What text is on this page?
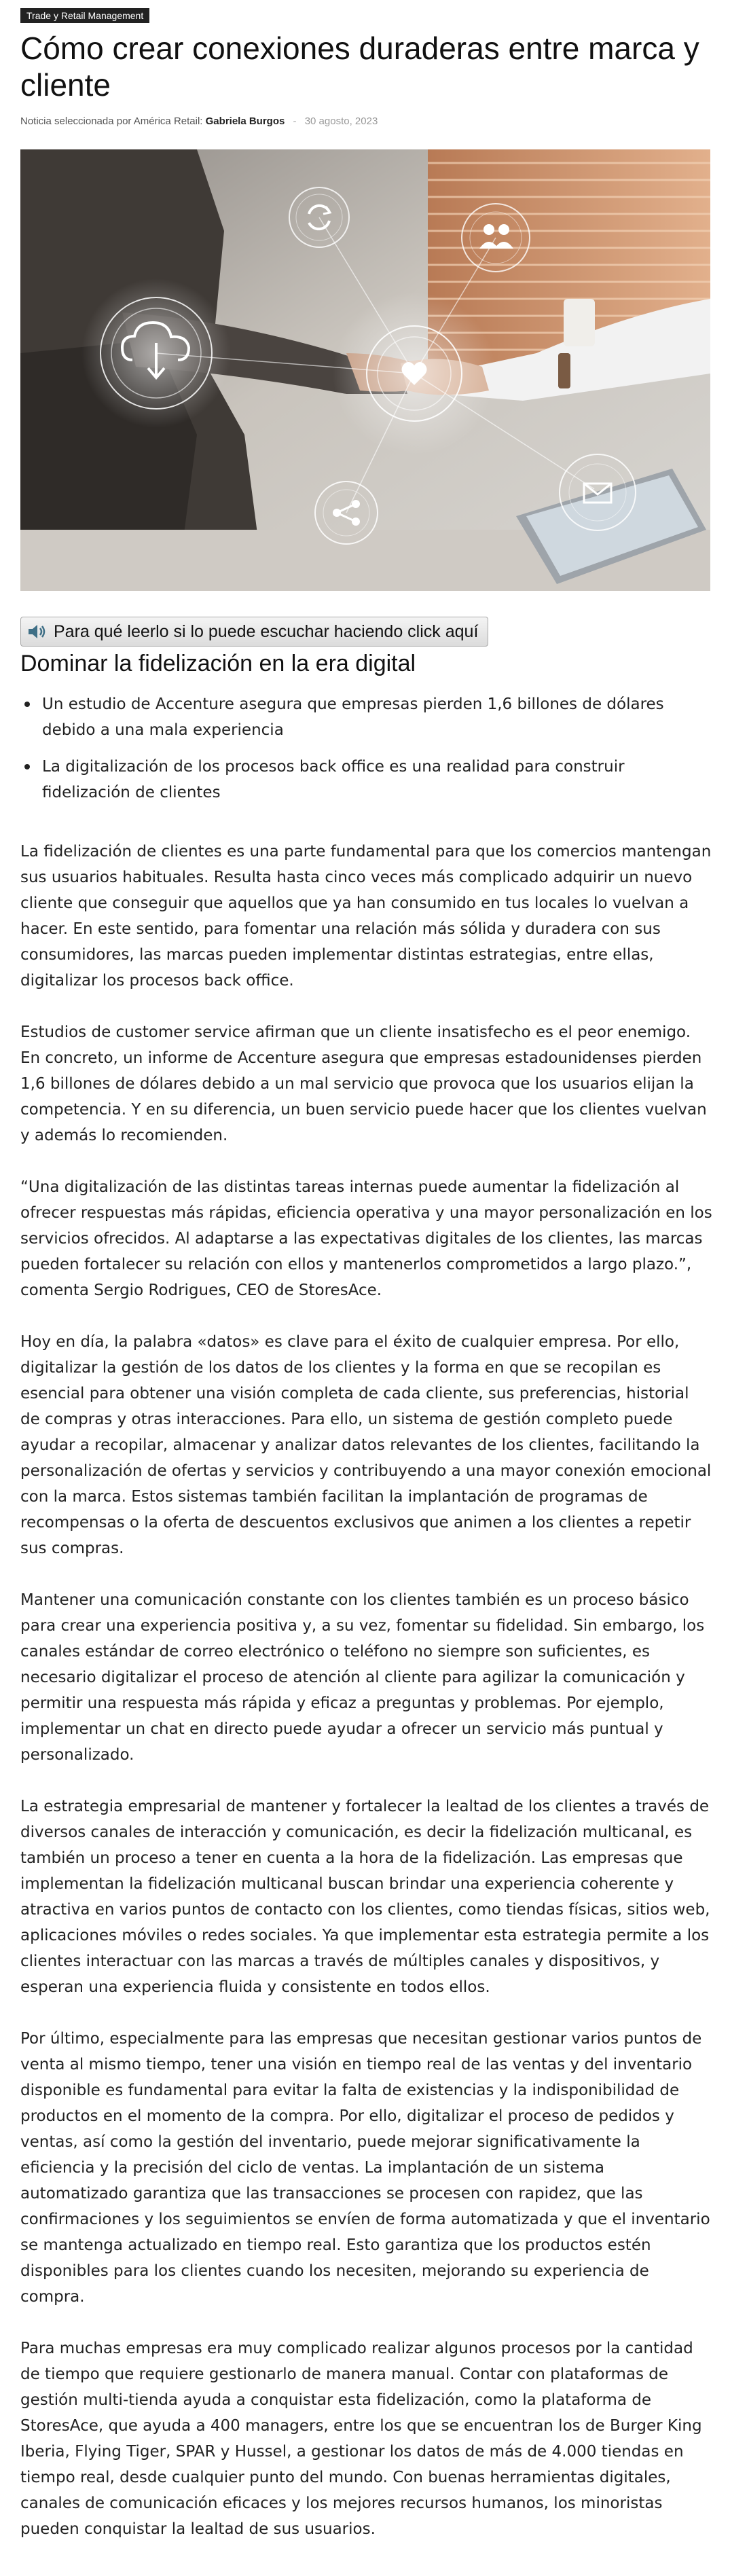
Trade y Retail Management
Cómo crear conexiones duraderas entre marca y cliente
Noticia seleccionada por América Retail: Gabriela Burgos - 30 agosto, 2023
Para qué leerlo si lo puede escuchar haciendo click aquí
Dominar la fidelización en la era digital
Un estudio de Accenture asegura que empresas pierden 1,6 billones de dólares debido a una mala experiencia
La digitalización de los procesos back office es una realidad para construir fidelización de clientes

La fidelización de clientes es una parte fundamental para que los comercios mantengan sus usuarios habituales. Resulta hasta cinco veces más complicado adquirir un nuevo cliente que conseguir que aquellos que ya han consumido en tus locales lo vuelvan a hacer. En este sentido, para fomentar una relación más sólida y duradera con sus consumidores, las marcas pueden implementar distintas estrategias, entre ellas, digitalizar los procesos back office.

Estudios de customer service afirman que un cliente insatisfecho es el peor enemigo. En concreto, un informe de Accenture asegura que empresas estadounidenses pierden 1,6 billones de dólares debido a un mal servicio que provoca que los usuarios elijan la competencia. Y en su diferencia, un buen servicio puede hacer que los clientes vuelvan y además lo recomienden.

“Una digitalización de las distintas tareas internas puede aumentar la fidelización al ofrecer respuestas más rápidas, eficiencia operativa y una mayor personalización en los servicios ofrecidos. Al adaptarse a las expectativas digitales de los clientes, las marcas pueden fortalecer su relación con ellos y mantenerlos comprometidos a largo plazo.”, comenta Sergio Rodrigues, CEO de StoresAce.

Hoy en día, la palabra «datos» es clave para el éxito de cualquier empresa. Por ello, digitalizar la gestión de los datos de los clientes y la forma en que se recopilan es esencial para obtener una visión completa de cada cliente, sus preferencias, historial de compras y otras interacciones. Para ello, un sistema de gestión completo puede ayudar a recopilar, almacenar y analizar datos relevantes de los clientes, facilitando la personalización de ofertas y servicios y contribuyendo a una mayor conexión emocional con la marca. Estos sistemas también facilitan la implantación de programas de recompensas o la oferta de descuentos exclusivos que animen a los clientes a repetir sus compras.

Mantener una comunicación constante con los clientes también es un proceso básico para crear una experiencia positiva y, a su vez, fomentar su fidelidad. Sin embargo, los canales estándar de correo electrónico o teléfono no siempre son suficientes, es necesario digitalizar el proceso de atención al cliente para agilizar la comunicación y permitir una respuesta más rápida y eficaz a preguntas y problemas. Por ejemplo, implementar un chat en directo puede ayudar a ofrecer un servicio más puntual y personalizado.

La estrategia empresarial de mantener y fortalecer la lealtad de los clientes a través de diversos canales de interacción y comunicación, es decir la fidelización multicanal, es también un proceso a tener en cuenta a la hora de la fidelización. Las empresas que implementan la fidelización multicanal buscan brindar una experiencia coherente y atractiva en varios puntos de contacto con los clientes, como tiendas físicas, sitios web, aplicaciones móviles o redes sociales. Ya que implementar esta estrategia permite a los clientes interactuar con las marcas a través de múltiples canales y dispositivos, y esperan una experiencia fluida y consistente en todos ellos.

Por último, especialmente para las empresas que necesitan gestionar varios puntos de venta al mismo tiempo, tener una visión en tiempo real de las ventas y del inventario disponible es fundamental para evitar la falta de existencias y la indisponibilidad de productos en el momento de la compra. Por ello, digitalizar el proceso de pedidos y ventas, así como la gestión del inventario, puede mejorar significativamente la eficiencia y la precisión del ciclo de ventas. La implantación de un sistema automatizado garantiza que las transacciones se procesen con rapidez, que las confirmaciones y los seguimientos se envíen de forma automatizada y que el inventario se mantenga actualizado en tiempo real. Esto garantiza que los productos estén disponibles para los clientes cuando los necesiten, mejorando su experiencia de compra.

Para muchas empresas era muy complicado realizar algunos procesos por la cantidad de tiempo que requiere gestionarlo de manera manual. Contar con plataformas de gestión multi-tienda ayuda a conquistar esta fidelización, como la plataforma de StoresAce, que ayuda a 400 managers, entre los que se encuentran los de Burger King Iberia, Flying Tiger, SPAR y Hussel, a gestionar los datos de más de 4.000 tiendas en tiempo real, desde cualquier punto del mundo. Con buenas herramientas digitales, canales de comunicación eficaces y los mejores recursos humanos, los minoristas pueden conquistar la lealtad de sus usuarios.
